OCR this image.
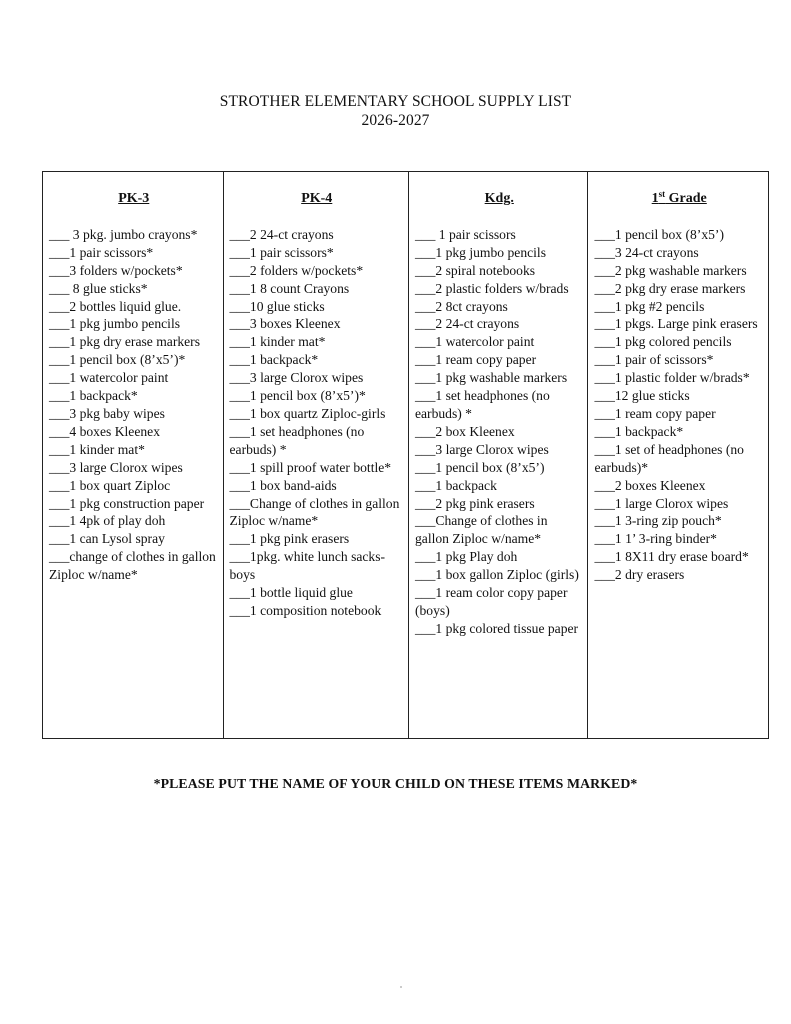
STROTHER ELEMENTARY SCHOOL SUPPLY LIST
2026-2027
PK-3
___ 3 pkg. jumbo crayons*
___1 pair scissors*
___3 folders w/pockets*
___ 8 glue sticks*
___2 bottles liquid glue.
___1 pkg jumbo pencils
___1 pkg dry erase markers
___1 pencil box (8’x5’)*
___1 watercolor paint
___1 backpack*
___3 pkg baby wipes
___4 boxes Kleenex
___1 kinder mat*
___3 large Clorox wipes
___1 box quart Ziploc
___1 pkg construction paper
___1 4pk of play doh
___1 can Lysol spray
___change of clothes in gallon Ziploc w/name*
PK-4
___2 24-ct crayons
___1 pair scissors*
___2 folders w/pockets*
___1 8 count Crayons
___10 glue sticks
___3 boxes Kleenex
___1 kinder mat*
___1 backpack*
___3 large Clorox wipes
___1 pencil box (8’x5’)*
___1 box quartz Ziploc-girls
___1 set headphones (no earbuds) *
___1 spill proof water bottle*
___1 box band-aids
___Change of clothes in gallon Ziploc w/name*
___1 pkg pink erasers
___1pkg. white lunch sacks-boys
___1 bottle liquid glue
___1 composition notebook
Kdg.
___ 1 pair scissors
___1 pkg jumbo pencils
___2 spiral notebooks
___2 plastic folders w/brads
___2 8ct crayons
___2 24-ct crayons
___1 watercolor paint
___1 ream copy paper
___1 pkg washable markers
___1 set headphones (no earbuds) *
___2 box Kleenex
___3 large Clorox wipes
___1 pencil box (8’x5’)
___1 backpack
___2 pkg pink erasers
___Change of clothes in gallon Ziploc w/name*
___1 pkg Play doh
___1 box gallon Ziploc (girls)
___1 ream color copy paper (boys)
___1 pkg colored tissue paper
1st Grade
___1 pencil box (8’x5’)
___3 24-ct crayons
___2 pkg washable markers
___2 pkg dry erase markers
___1 pkg #2 pencils
___1 pkgs. Large pink erasers
___1 pkg colored pencils
___1 pair of scissors*
___1 plastic folder w/brads*
___12 glue sticks
___1 ream copy paper
___1 backpack*
___1 set of headphones (no earbuds)*
___2 boxes Kleenex
___1 large Clorox wipes
___1 3-ring zip pouch*
___1 1’ 3-ring binder*
___1 8X11 dry erase board*
___2 dry erasers
*PLEASE PUT THE NAME OF YOUR CHILD ON THESE ITEMS MARKED*
